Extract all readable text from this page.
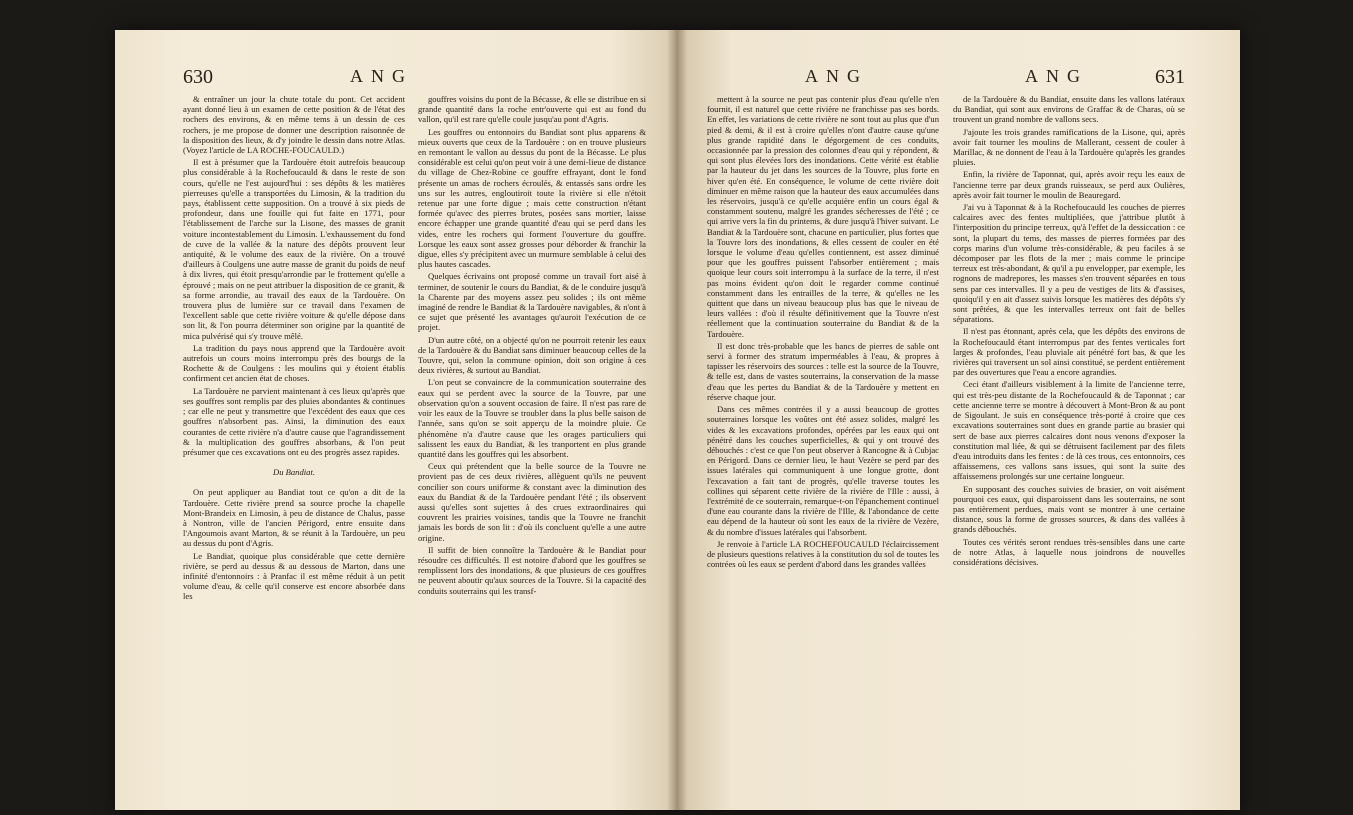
630	ANG

& entraîner un jour la chute totale du pont. Cet accident ayant donné lieu à un examen de cette position & de l'état des rochers des environs, & en même tems à un dessin de ces rochers, je me propose de donner une description raisonnée de la disposition des lieux, & d'y joindre le dessin dans notre Atlas. (Voyez l'article de LA ROCHE-FOUCAULD.)

Il est à présumer que la Tardouère étoit autrefois beaucoup plus considérable à la Rochefoucauld & dans le reste de son cours, qu'elle ne l'est aujourd'hui : ses dépôts & les matières pierreuses qu'elle a transportées du Limosin, & la tradition du pays, établissent cette supposition. On a trouvé à six pieds de profondeur, dans une fouille qui fut faite en 1771, pour l'établissement de l'arche sur la Lisone, des masses de granit voiture incontestablement du Limosin. L'exhaussement du fond de cuve de la vallée & la nature des dépôts prouvent leur antiquité, & le volume des eaux de la rivière. On a trouvé d'ailleurs à Coulgens une autre masse de granit du poids de neuf à dix livres, qui étoit presqu'arrondie par le frottement qu'elle a éprouvé ; mais on ne peut attribuer la disposition de ce granit, & sa forme arrondie, au travail des eaux de la Tardouère. On trouvera plus de lumière sur ce travail dans l'examen de l'excellent sable que cette rivière voiture & qu'elle dépose dans son lit, & l'on pourra déterminer son origine par la quantité de mica pulvérisé qui s'y trouve mêlé.

La tradition du pays nous apprend que la Tardouère avoit autrefois un cours moins interrompu près des bourgs de la Rochette & de Coulgens : les moulins qui y étoient établis confirment cet ancien état de choses.

La Tardouère ne parvient maintenant à ces lieux qu'après que ses gouffres sont remplis par des pluies abondantes & continues ; car elle ne peut y transmettre que l'excédent des eaux que ces gouffres n'absorbent pas. Ainsi, la diminution des eaux courantes de cette rivière n'a d'autre cause que l'agrandissement & la multiplication des gouffres absorbans, & l'on peut présumer que ces excavations ont eu des progrès assez rapides.

Du Bandiat.

On peut appliquer au Bandiat tout ce qu'on a dit de la Tardouère. Cette rivière prend sa source proche la chapelle Mont-Brandeix en Limosin, à peu de distance de Chalus, passe à Nontron, ville de l'ancien Périgord, entre ensuite dans l'Angoumois avant Marton, & se réunit à la Tardouère, un peu au dessus du pont d'Agris.

Le Bandiat, quoique plus considérable que cette dernière rivière, se perd au dessus & au dessous de Marton, dans une infinité d'entonnoirs : à Pranfac il est même réduit à un petit volume d'eau, & celle qu'il conserve est encore absorbée dans les

gouffres voisins du pont de la Bécasse, & elle se distribue en si grande quantité dans la roche entr'ouverte qui est au fond du vallon, qu'il est rare qu'elle coule jusqu'au pont d'Agris.

Les gouffres ou entonnoirs du Bandiat sont plus apparens & mieux ouverts que ceux de la Tardouère : on en trouve plusieurs en remontant le vallon au dessus du pont de la Bécasse. Le plus considérable est celui qu'on peut voir à une demi-lieue de distance du village de Chez-Robine ce gouffre effrayant, dont le fond présente un amas de rochers écroulés, & entassés sans ordre les uns sur les autres, engloutiroit toute la rivière si elle n'étoit retenue par une forte digue ; mais cette construction n'étant formée qu'avec des pierres brutes, posées sans mortier, laisse encore échapper une grande quantité d'eau qui se perd dans les vides, entre les rochers qui forment l'ouverture du gouffre. Lorsque les eaux sont assez grosses pour déborder & franchir la digue, elles s'y précipitent avec un murmure semblable à celui des plus hautes cascades.

Quelques écrivains ont proposé comme un travail fort aisé à terminer, de soutenir le cours du Bandiat, & de le conduire jusqu'à la Charente par des moyens assez peu solides ; ils ont même imaginé de rendre le Bandiat & la Tardouère navigables, & n'ont à ce sujet que présenté les avantages qu'auroit l'exécution de ce projet.

D'un autre côté, on a objecté qu'on ne pourroit retenir les eaux de la Tardouère & du Bandiat sans diminuer beaucoup celles de la Touvre, qui, selon la commune opinion, doit son origine à ces deux rivières, & surtout au Bandiat.

L'on peut se convaincre de la communication souterraine des eaux qui se perdent avec la source de la Touvre, par une observation qu'on a souvent occasion de faire. Il n'est pas rare de voir les eaux de la Touvre se troubler dans la plus belle saison de l'année, sans qu'on se soit apperçu de la moindre pluie. Ce phénomène n'a d'autre cause que les orages particuliers qui salissent les eaux du Bandiat, & les tranportent en plus grande quantité dans les gouffres qui les absorbent.

Ceux qui prétendent que la belle source de la Touvre ne provient pas de ces deux rivières, allèguent qu'ils ne peuvent concilier son cours uniforme & constant avec la diminution des eaux du Bandiat & de la Tardouère pendant l'été ; ils observent aussi qu'elles sont sujettes à des crues extraordinaires qui couvrent les prairies voisines, tandis que la Touvre ne franchit jamais les bords de son lit : d'où ils concluent qu'elle a une autre origine.

Il suffit de bien connoître la Tardouère & le Bandiat pour résoudre ces difficultés. Il est notoire d'abord que les gouffres se remplissent lors des inondations, & que plusieurs de ces gouffres ne peuvent aboutir qu'aux sources de la Touvre. Si la capacité des conduits souterrains qui les transf-

ANG	ANG	631

mettent à la source ne peut pas contenir plus d'eau qu'elle n'en fournit, il est naturel que cette rivière ne franchisse pas ses bords. En effet, les variations de cette rivière ne sont tout au plus que d'un pied & demi, & il est à croire qu'elles n'ont d'autre cause qu'une plus grande rapidité dans le dégorgement de ces conduits, occasionnée par la pression des colonnes d'eau qui y répondent, & qui sont plus élevées lors des inondations. Cette vérité est établie par la hauteur du jet dans les sources de la Touvre, plus forte en hiver qu'en été. En conséquence, le volume de cette rivière doit diminuer en même raison que la hauteur des eaux accumulées dans les réservoirs, jusqu'à ce qu'elle acquière enfin un cours égal & constamment soutenu, malgré les grandes sécheresses de l'été ; ce qui arrive vers la fin du printems, & dure jusqu'à l'hiver suivant. Le Bandiat & la Tardouère sont, chacune en particulier, plus fortes que la Touvre lors des inondations, & elles cessent de couler en été lorsque le volume d'eau qu'elles contiennent, est assez diminué pour que les gouffres puissent l'absorber entièrement ; mais quoique leur cours soit interrompu à la surface de la terre, il n'est pas moins évident qu'on doit le regarder comme continué constamment dans les entrailles de la terre, & qu'elles ne les quittent que dans un niveau beaucoup plus bas que le niveau de leurs vallées : d'où il résulte définitivement que la Touvre n'est réellement que la continuation souterraine du Bandiat & de la Tardouère.

Il est donc très-probable que les bancs de pierres de sable ont servi à former des stratum imperméables à l'eau, & propres à tapisser les réservoirs des sources : telle est la source de la Touvre, & telle est, dans de vastes souterrains, la conservation de la masse d'eau que les pertes du Bandiat & de la Tardouère y mettent en réserve chaque jour.

Dans ces mêmes contrées il y a aussi beaucoup de grottes souterraines lorsque les voûtes ont été assez solides, malgré les vides & les excavations profondes, opérées par les eaux qui ont pénétré dans les couches superficielles, & qui y ont trouvé des débouchés : c'est ce que l'on peut observer à Rancogne & à Cubjac en Périgord. Dans ce dernier lieu, le haut Vezère se perd par des issues latérales qui communiquent à une longue grotte, dont l'excavation a fait tant de progrès, qu'elle traverse toutes les collines qui séparent cette rivière de la rivière de l'Ille : aussi, à l'extrémité de ce souterrain, remarque-t-on l'épanchement continuel d'une eau courante dans la rivière de l'Ille, & l'abondance de cette eau dépend de la hauteur où sont les eaux de la rivière de Vezère, & du nombre d'issues latérales qui l'absorbent.

Je renvoie à l'article LA ROCHEFOUCAULD l'éclaircissement de plusieurs questions relatives à la constitution du sol de toutes les contrées où les eaux se perdent d'abord dans les grandes vallées

de la Tardouère & du Bandiat, ensuite dans les vallons latéraux du Bandiat, qui sont aux environs de Graffac & de Charas, où se trouvent un grand nombre de vallons secs.

J'ajoute les trois grandes ramifications de la Lisone, qui, après avoir fait tourner les moulins de Mallerant, cessent de couler à Marillac, & ne donnent de l'eau à la Tardouère qu'après les grandes pluies.

Enfin, la rivière de Taponnat, qui, après avoir reçu les eaux de l'ancienne terre par deux grands ruisseaux, se perd aux Oulières, après avoir fait tourner le moulin de Beauregard.

J'ai vu à Taponnat & à la Rochefoucauld les couches de pierres calcaires avec des fentes multipliées, que j'attribue plutôt à l'interposition du principe terreux, qu'à l'effet de la dessiccation : ce sont, la plupart du tems, des masses de pierres formées par des corps marins d'un volume très-considérable, & peu faciles à se décomposer par les flots de la mer ; mais comme le principe terreux est très-abondant, & qu'il a pu envelopper, par exemple, les rognons de madrepores, les masses s'en trouvent séparées en tous sens par ces intervalles. Il y a peu de vestiges de lits & d'assises, quoiqu'il y en ait d'assez suivis lorsque les matières des dépôts s'y sont prêtées, & que les intervalles terreux ont fait de belles séparations.

Il n'est pas étonnant, après cela, que les dépôts des environs de la Rochefoucauld étant interrompus par des fentes verticales fort larges & profondes, l'eau pluviale ait pénétré fort bas, & que les rivières qui traversent un sol ainsi constitué, se perdent entièrement par des ouvertures que l'eau a encore agrandies.

Ceci étant d'ailleurs visiblement à la limite de l'ancienne terre, qui est très-peu distante de la Rochefoucauld & de Taponnat ; car cette ancienne terre se montre à découvert à Mont-Bron & au pont de Sigoulant. Je suis en conséquence très-porté à croire que ces excavations souterraines sont dues en grande partie au brasier qui sert de base aux pierres calcaires dont nous venons d'exposer la constitution mal liée, & qui se détruisent facilement par des filets d'eau introduits dans les fentes : de là ces trous, ces entonnoirs, ces affaissemens, ces vallons sans issues, qui sont la suite des affaissemens prolongés sur une certaine longueur.

En supposant des couches suivies de brasier, on voit aisément pourquoi ces eaux, qui disparoissent dans les souterrains, ne sont pas entièrement perdues, mais vont se montrer à une certaine distance, sous la forme de grosses sources, & dans des vallées à grands débouchés.

Toutes ces vérités seront rendues très-sensibles dans une carte de notre Atlas, à laquelle nous joindrons de nouvelles considérations décisives.
